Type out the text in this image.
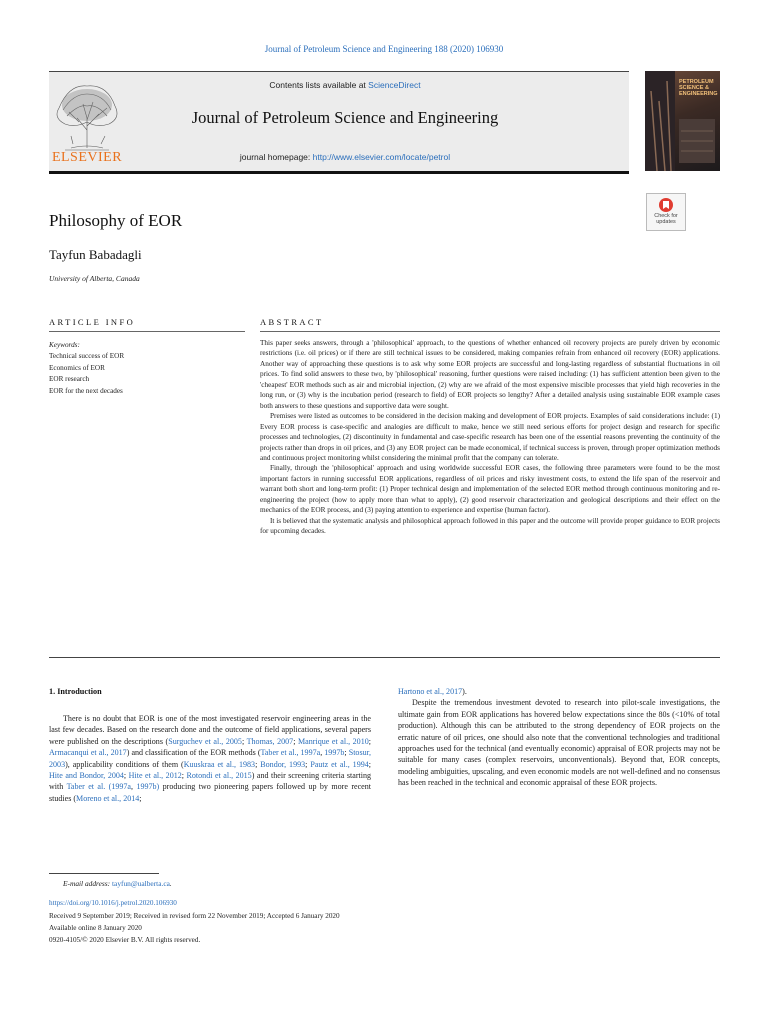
Journal of Petroleum Science and Engineering 188 (2020) 106930
ELSEVIER
Contents lists available at ScienceDirect
Journal of Petroleum Science and Engineering
journal homepage: http://www.elsevier.com/locate/petrol
PETROLEUM SCIENCE & ENGINEERING
Check for updates
Philosophy of EOR
Tayfun Babadagli
University of Alberta, Canada
ARTICLE INFO	ABSTRACT
Keywords:
Technical success of EOR
Economics of EOR
EOR research
EOR for the next decades

This paper seeks answers, through a 'philosophical' approach, to the questions of whether enhanced oil recovery projects are purely driven by economic restrictions (i.e. oil prices) or if there are still technical issues to be considered, making companies refrain from enhanced oil recovery (EOR) applications. Another way of approaching these questions is to ask why some EOR projects are successful and long-lasting regardless of substantial fluctuations in oil prices. To find solid answers to these two, by 'philosophical' reasoning, further questions were raised including: (1) has sufficient attention been given to the 'cheapest' EOR methods such as air and microbial injection, (2) why are we afraid of the most expensive miscible processes that yield high recoveries in the long run, or (3) why is the incubation period (research to field) of EOR projects so lengthy? After a detailed analysis using sustainable EOR example cases both answers to these questions and supportive data were sought.

Premises were listed as outcomes to be considered in the decision making and development of EOR projects. Examples of said considerations include: (1) Every EOR process is case-specific and analogies are difficult to make, hence we still need serious efforts for project design and research for specific processes and technologies, (2) discontinuity in fundamental and case-specific research has been one of the essential reasons preventing the continuity of the projects rather than drops in oil prices, and (3) any EOR project can be made economical, if technical success is proven, through proper optimization methods and continuous project monitoring whilst considering the minimal profit that the company can tolerate.

Finally, through the 'philosophical' approach and using worldwide successful EOR cases, the following three parameters were found to be the most important factors in running successful EOR applications, regardless of oil prices and risky investment costs, to extend the life span of the reservoir and warrant both short and long-term profit: (1) Proper technical design and implementation of the selected EOR method through continuous monitoring and re-engineering the project (how to apply more than what to apply), (2) good reservoir characterization and geological descriptions and their effect on the mechanics of the EOR process, and (3) paying attention to experience and expertise (human factor).

It is believed that the systematic analysis and philosophical approach followed in this paper and the outcome will provide proper guidance to EOR projects for upcoming decades.

1. Introduction

There is no doubt that EOR is one of the most investigated reservoir engineering areas in the last few decades. Based on the research done and the outcome of field applications, several papers were published on the descriptions (Surguchev et al., 2005; Thomas, 2007; Manrique et al., 2010; Armacanqui et al., 2017) and classification of the EOR methods (Taber et al., 1997a, 1997b; Stosur, 2003), applicability conditions of them (Kuuskraa et al., 1983; Bondor, 1993; Pautz et al., 1994; Hite and Bondor, 2004; Hite et al., 2012; Rotondi et al., 2015) and their screening criteria starting with Taber et al. (1997a, 1997b) producing two pioneering papers followed up by more recent studies (Moreno et al., 2014;

Hartono et al., 2017).

Despite the tremendous investment devoted to research into pilot-scale investigations, the ultimate gain from EOR applications has hovered below expectations since the 80s (<10% of total production). Although this can be attributed to the strong dependency of EOR projects on the erratic nature of oil prices, one should also note that the conventional technologies and traditional approaches used for the technical (and eventually economic) appraisal of EOR projects may not be suitable for many cases (complex reservoirs, unconventionals). Beyond that, EOR concepts, modeling ambiguities, upscaling, and even economic models are not well-defined and no consensus has been reached in the technical and economic appraisal of these EOR projects.

E-mail address: tayfun@ualberta.ca.
https://doi.org/10.1016/j.petrol.2020.106930
Received 9 September 2019; Received in revised form 22 November 2019; Accepted 6 January 2020
Available online 8 January 2020
0920-4105/© 2020 Elsevier B.V. All rights reserved.
